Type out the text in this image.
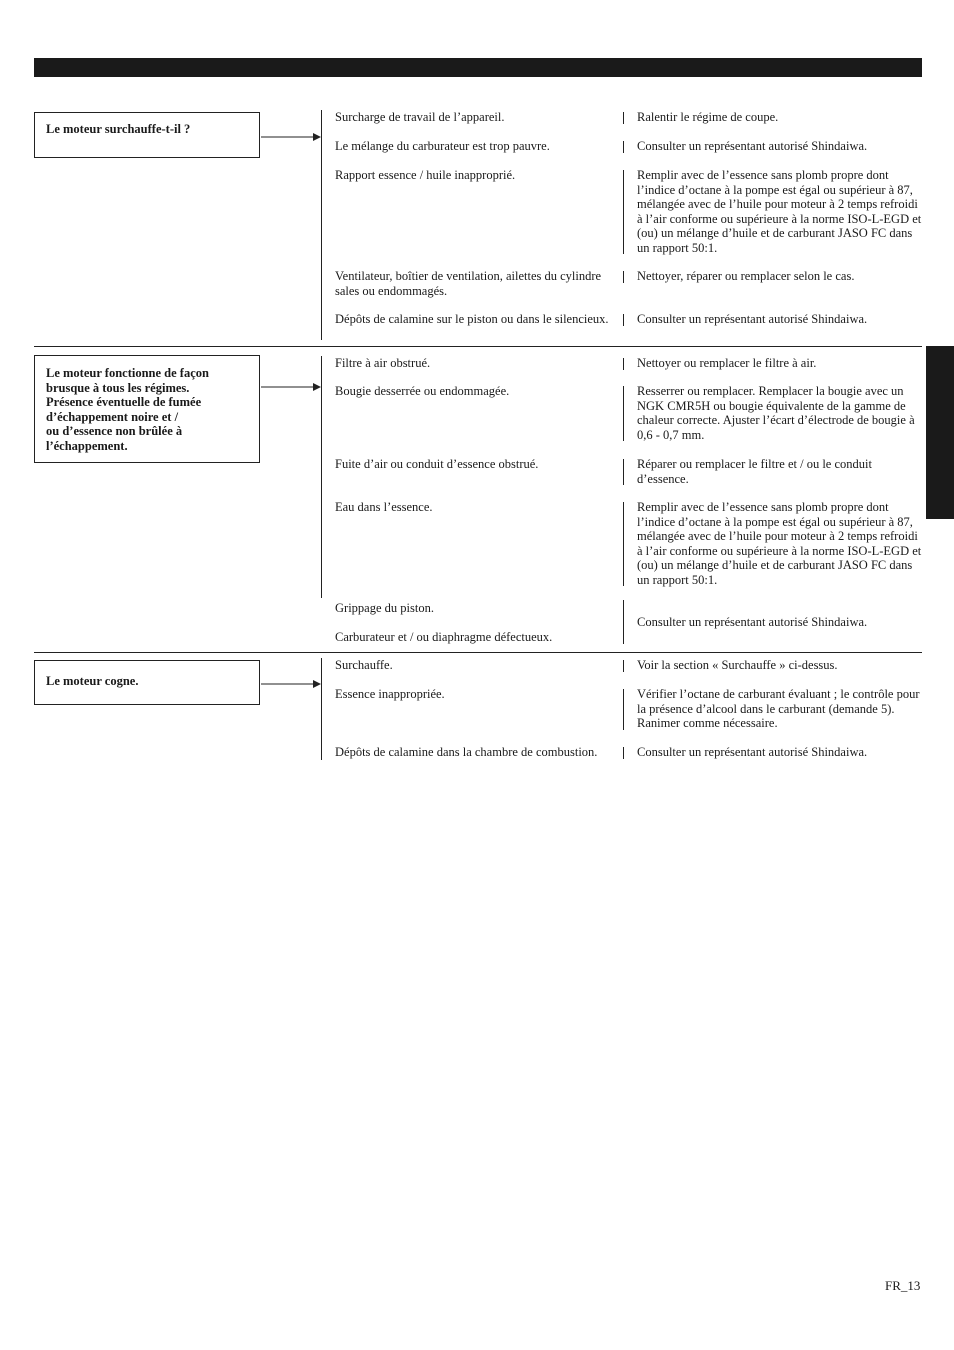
Le moteur surchauffe-t-il ?
Surcharge de travail de l’appareil.
Le mélange du carburateur est trop pauvre.
Rapport essence / huile inapproprié.
Ventilateur, boîtier de ventilation, ailettes du cylindre sales ou endommagés.
Dépôts de calamine sur le piston ou dans le silencieux.
Ralentir le régime de coupe.
Consulter un représentant autorisé Shindaiwa.
Remplir avec de l’essence sans plomb propre dont l’indice d’octane à la pompe est égal ou supérieur à 87, mélangée avec de l’huile pour moteur à 2 temps refroidi à l’air conforme ou supérieure à la norme ISO-L-EGD et (ou) un mélange d’huile et de carburant JASO FC dans un rapport 50:1.
Nettoyer, réparer ou remplacer selon le cas.
Consulter un représentant autorisé Shindaiwa.
Le moteur fonctionne de façon
brusque à tous les régimes.
Présence éventuelle de fumée
d’échappement noire et /
ou d’essence non brûlée à
l’échappement.
Filtre à air obstrué.
Bougie desserrée ou endommagée.
Fuite d’air ou conduit d’essence obstrué.
Eau dans l’essence.
Grippage du piston.
Carburateur et / ou diaphragme défectueux.
Nettoyer ou remplacer le filtre à air.
Resserrer ou remplacer. Remplacer la bougie avec un NGK CMR5H ou bougie équivalente de la gamme de chaleur correcte. Ajuster l’écart d’électrode de bougie à 0,6 - 0,7 mm.
Réparer ou remplacer le filtre et / ou le conduit d’essence.
Remplir avec de l’essence sans plomb propre dont l’indice d’octane à la pompe est égal ou supérieur à 87, mélangée avec de l’huile pour moteur à 2 temps refroidi à l’air conforme ou supérieure à la norme ISO-L-EGD et (ou) un mélange d’huile et de carburant JASO FC dans un rapport 50:1.
Consulter un représentant autorisé Shindaiwa.
Le moteur cogne.
Surchauffe.
Essence inappropriée.
Dépôts de calamine dans la chambre de combustion.
Voir la section « Surchauffe » ci-dessus.
Vérifier l’octane de carburant évaluant ; le contrôle pour la présence d’alcool dans le carburant (demande 5). Ranimer comme nécessaire.
Consulter un représentant autorisé Shindaiwa.
FR_13
